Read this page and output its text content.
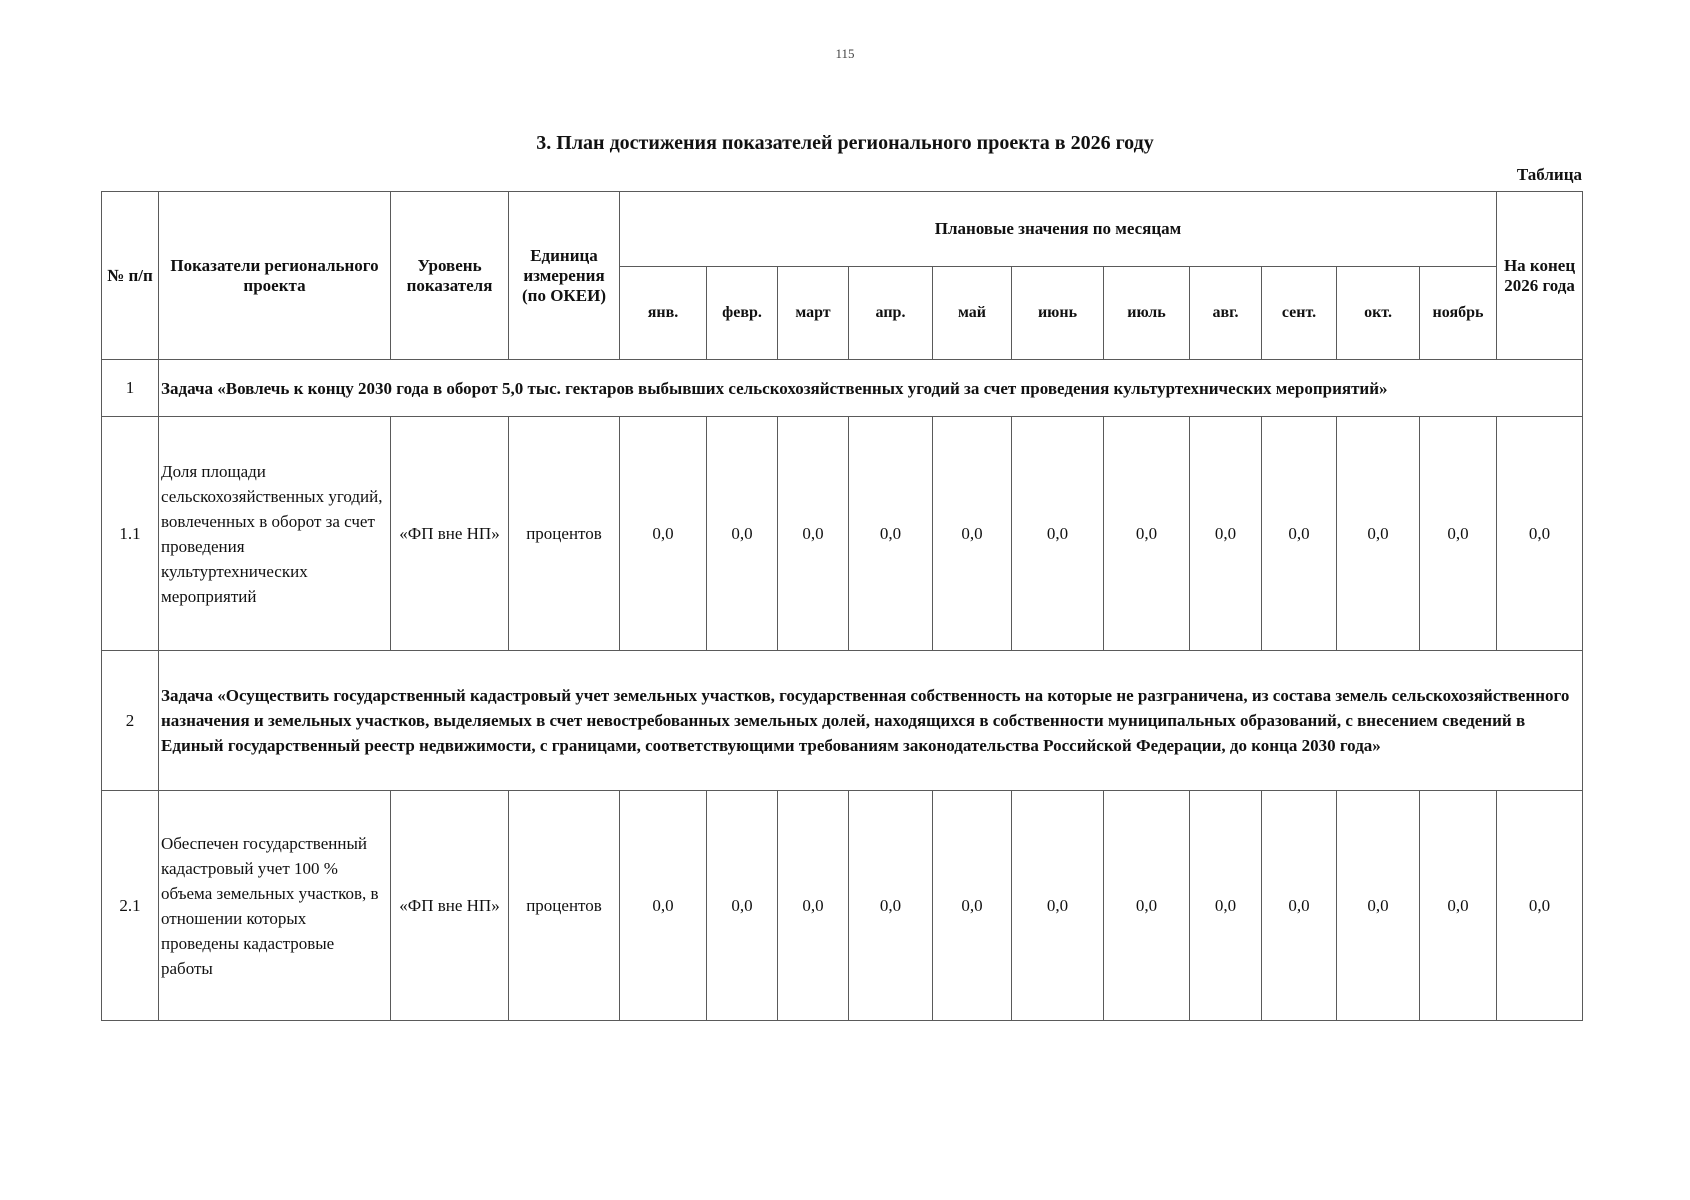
115
3. План достижения показателей регионального проекта в 2026 году
Таблица
№ п/п	Показатели регионального проекта	Уровень показателя	Единица измерения (по ОКЕИ)	Плановые значения по месяцам											На конец 2026 года
				янв.	февр.	март	апр.	май	июнь	июль	авг.	сент.	окт.	ноябрь	
1	Задача «Вовлечь к концу 2030 года в оборот 5,0 тыс. гектаров выбывших сельскохозяйственных угодий за счет проведения культуртехнических мероприятий»														
1.1	Доля площади сельскохозяйственных угодий, вовлеченных в оборот за счет проведения культуртехнических мероприятий	«ФП вне НП»	процентов	0,0	0,0	0,0	0,0	0,0	0,0	0,0	0,0	0,0	0,0	0,0	0,0
2	Задача «Осуществить государственный кадастровый учет земельных участков, государственная собственность на которые не разграничена, из состава земель сельскохозяйственного назначения и земельных участков, выделяемых в счет невостребованных земельных долей, находящихся в собственности муниципальных образований, с внесением сведений в Единый государственный реестр недвижимости, с границами, соответствующими требованиям законодательства Российской Федерации, до конца 2030 года»														
2.1	Обеспечен государственный кадастровый учет 100 % объема земельных участков, в отношении которых проведены кадастровые работы	«ФП вне НП»	процентов	0,0	0,0	0,0	0,0	0,0	0,0	0,0	0,0	0,0	0,0	0,0	0,0
